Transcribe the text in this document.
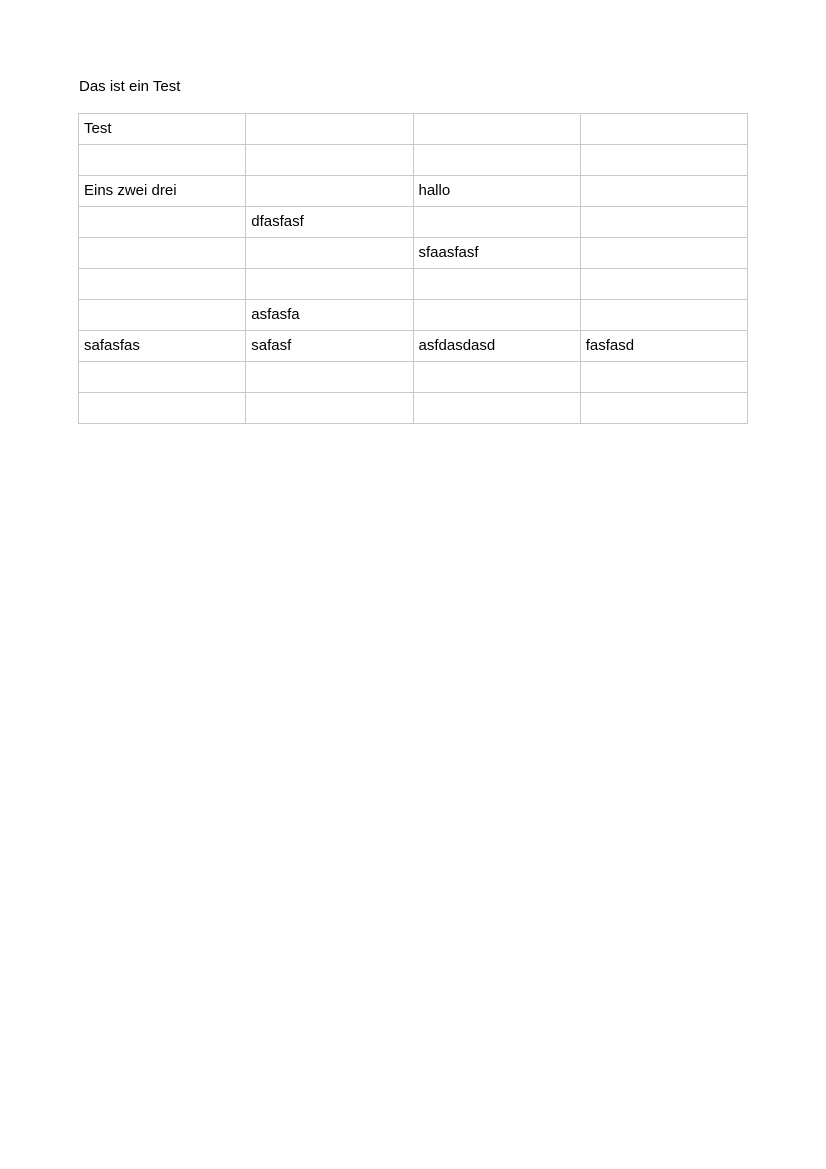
Das ist ein Test
Test			

Eins zwei drei		hallo	
	dfasfasf		
		sfaasfasf	

	asfasfa		
safasfas	safasf	asfdasdasd	fasfasd
